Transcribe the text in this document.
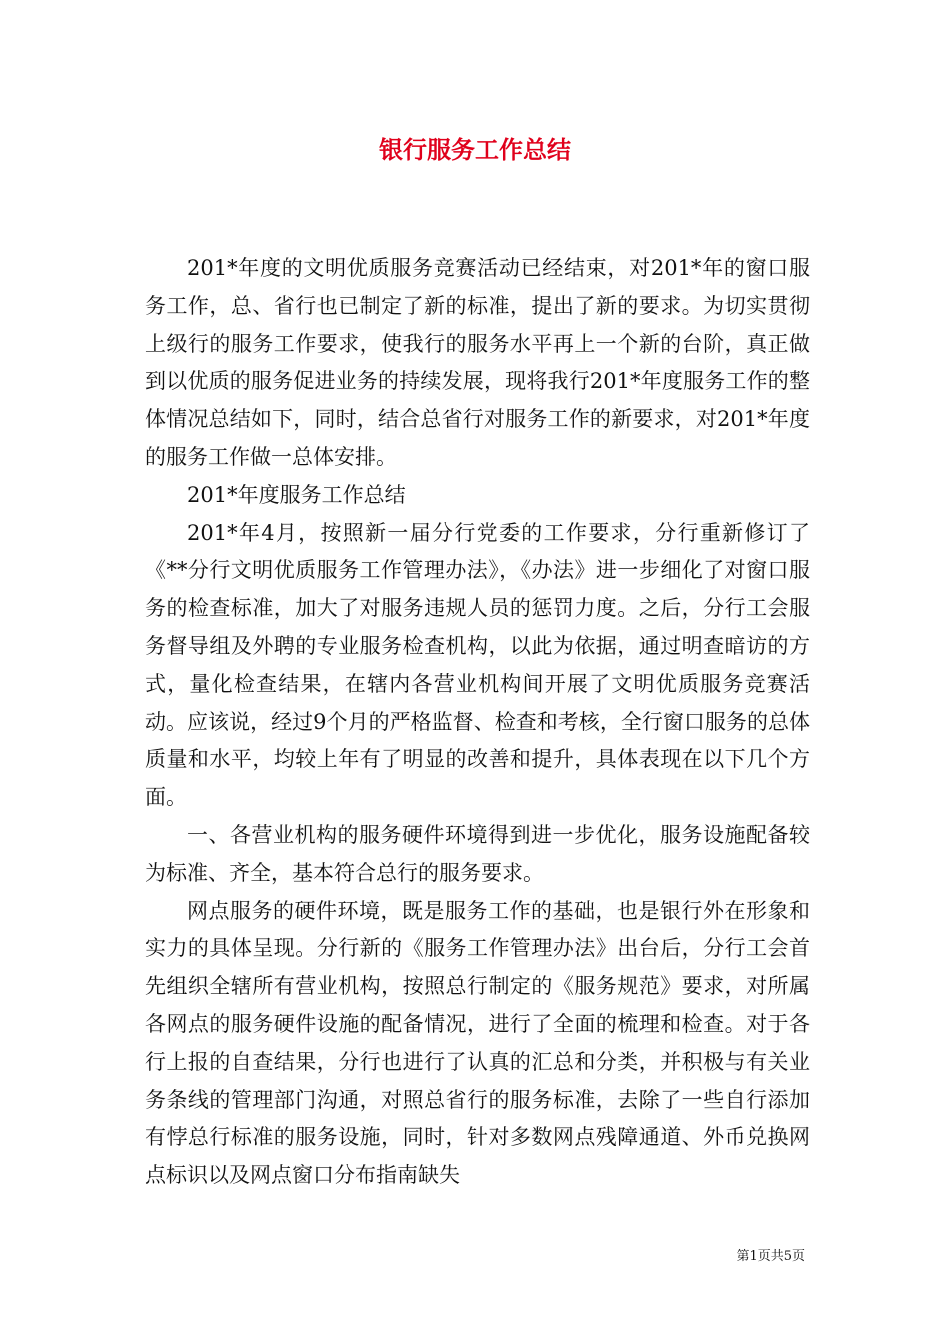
银行服务工作总结

201*年度的文明优质服务竞赛活动已经结束，对201*年的窗口服务工作，总、省行也已制定了新的标准，提出了新的要求。为切实贯彻上级行的服务工作要求，使我行的服务水平再上一个新的台阶，真正做到以优质的服务促进业务的持续发展，现将我行201*年度服务工作的整体情况总结如下，同时，结合总省行对服务工作的新要求，对201*年度的服务工作做一总体安排。

201*年度服务工作总结

201*年4月，按照新一届分行党委的工作要求，分行重新修订了《**分行文明优质服务工作管理办法》，《办法》进一步细化了对窗口服务的检查标准，加大了对服务违规人员的惩罚力度。之后，分行工会服务督导组及外聘的专业服务检查机构，以此为依据，通过明查暗访的方式，量化检查结果，在辖内各营业机构间开展了文明优质服务竞赛活动。应该说，经过9个月的严格监督、检查和考核，全行窗口服务的总体质量和水平，均较上年有了明显的改善和提升，具体表现在以下几个方面。

一、各营业机构的服务硬件环境得到进一步优化，服务设施配备较为标准、齐全，基本符合总行的服务要求。

网点服务的硬件环境，既是服务工作的基础，也是银行外在形象和实力的具体呈现。分行新的《服务工作管理办法》出台后，分行工会首先组织全辖所有营业机构，按照总行制定的《服务规范》要求，对所属各网点的服务硬件设施的配备情况，进行了全面的梳理和检查。对于各行上报的自查结果，分行也进行了认真的汇总和分类，并积极与有关业务条线的管理部门沟通，对照总省行的服务标准，去除了一些自行添加有悖总行标准的服务设施，同时，针对多数网点残障通道、外币兑换网点标识以及网点窗口分布指南缺失

第1页共5页
